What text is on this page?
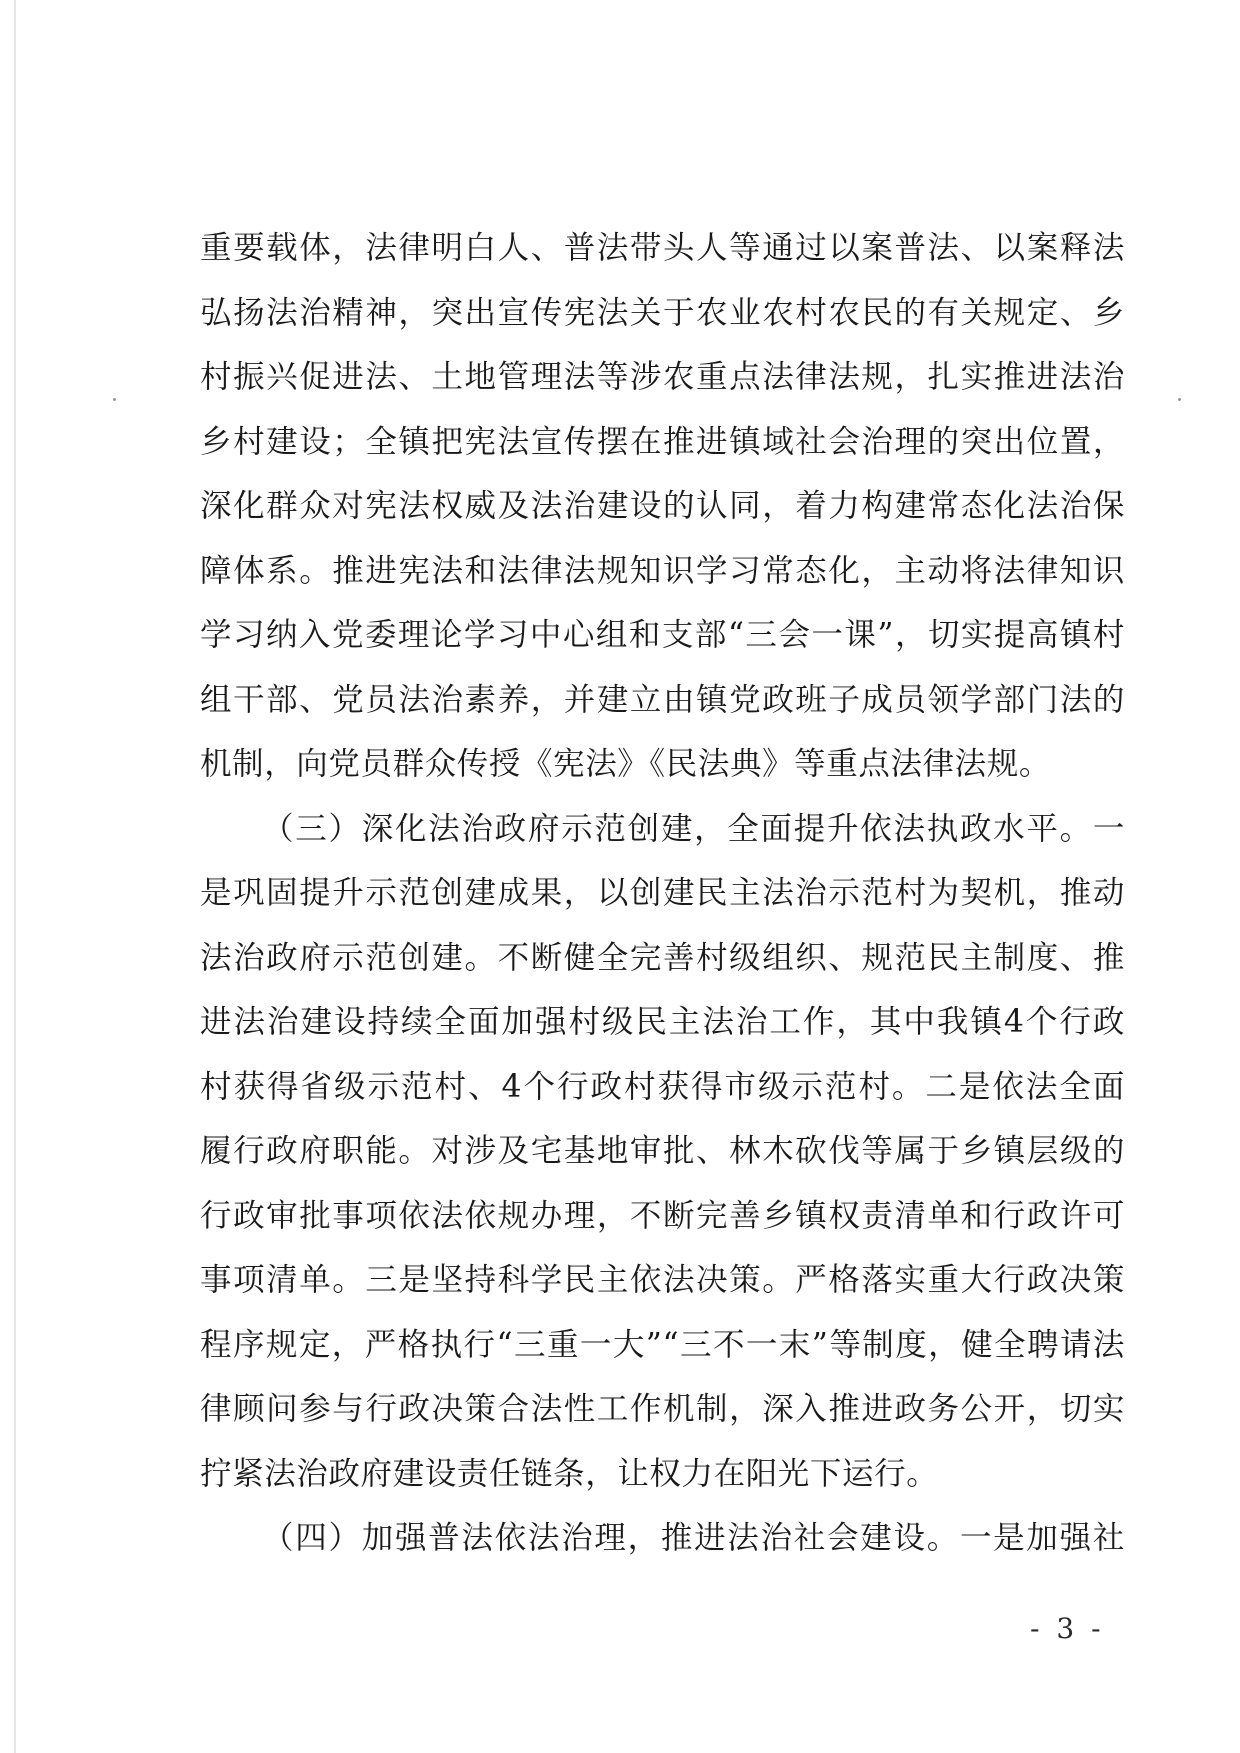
重要载体，法律明白人、普法带头人等通过以案普法、以案释法
弘扬法治精神，突出宣传宪法关于农业农村农民的有关规定、乡
村振兴促进法、土地管理法等涉农重点法律法规，扎实推进法治
乡村建设；全镇把宪法宣传摆在推进镇域社会治理的突出位置，
深化群众对宪法权威及法治建设的认同，着力构建常态化法治保
障体系。推进宪法和法律法规知识学习常态化，主动将法律知识
学习纳入党委理论学习中心组和支部“三会一课”，切实提高镇村
组干部、党员法治素养，并建立由镇党政班子成员领学部门法的
机制，向党员群众传授《宪法》《民法典》等重点法律法规。
（三）深化法治政府示范创建，全面提升依法执政水平。一
是巩固提升示范创建成果，以创建民主法治示范村为契机，推动
法治政府示范创建。不断健全完善村级组织、规范民主制度、推
进法治建设持续全面加强村级民主法治工作，其中我镇4个行政
村获得省级示范村、4个行政村获得市级示范村。二是依法全面
履行政府职能。对涉及宅基地审批、林木砍伐等属于乡镇层级的
行政审批事项依法依规办理，不断完善乡镇权责清单和行政许可
事项清单。三是坚持科学民主依法决策。严格落实重大行政决策
程序规定，严格执行“三重一大”“三不一末”等制度，健全聘请法
律顾问参与行政决策合法性工作机制，深入推进政务公开，切实
拧紧法治政府建设责任链条，让权力在阳光下运行。
（四）加强普法依法治理，推进法治社会建设。一是加强社
- 3 -
